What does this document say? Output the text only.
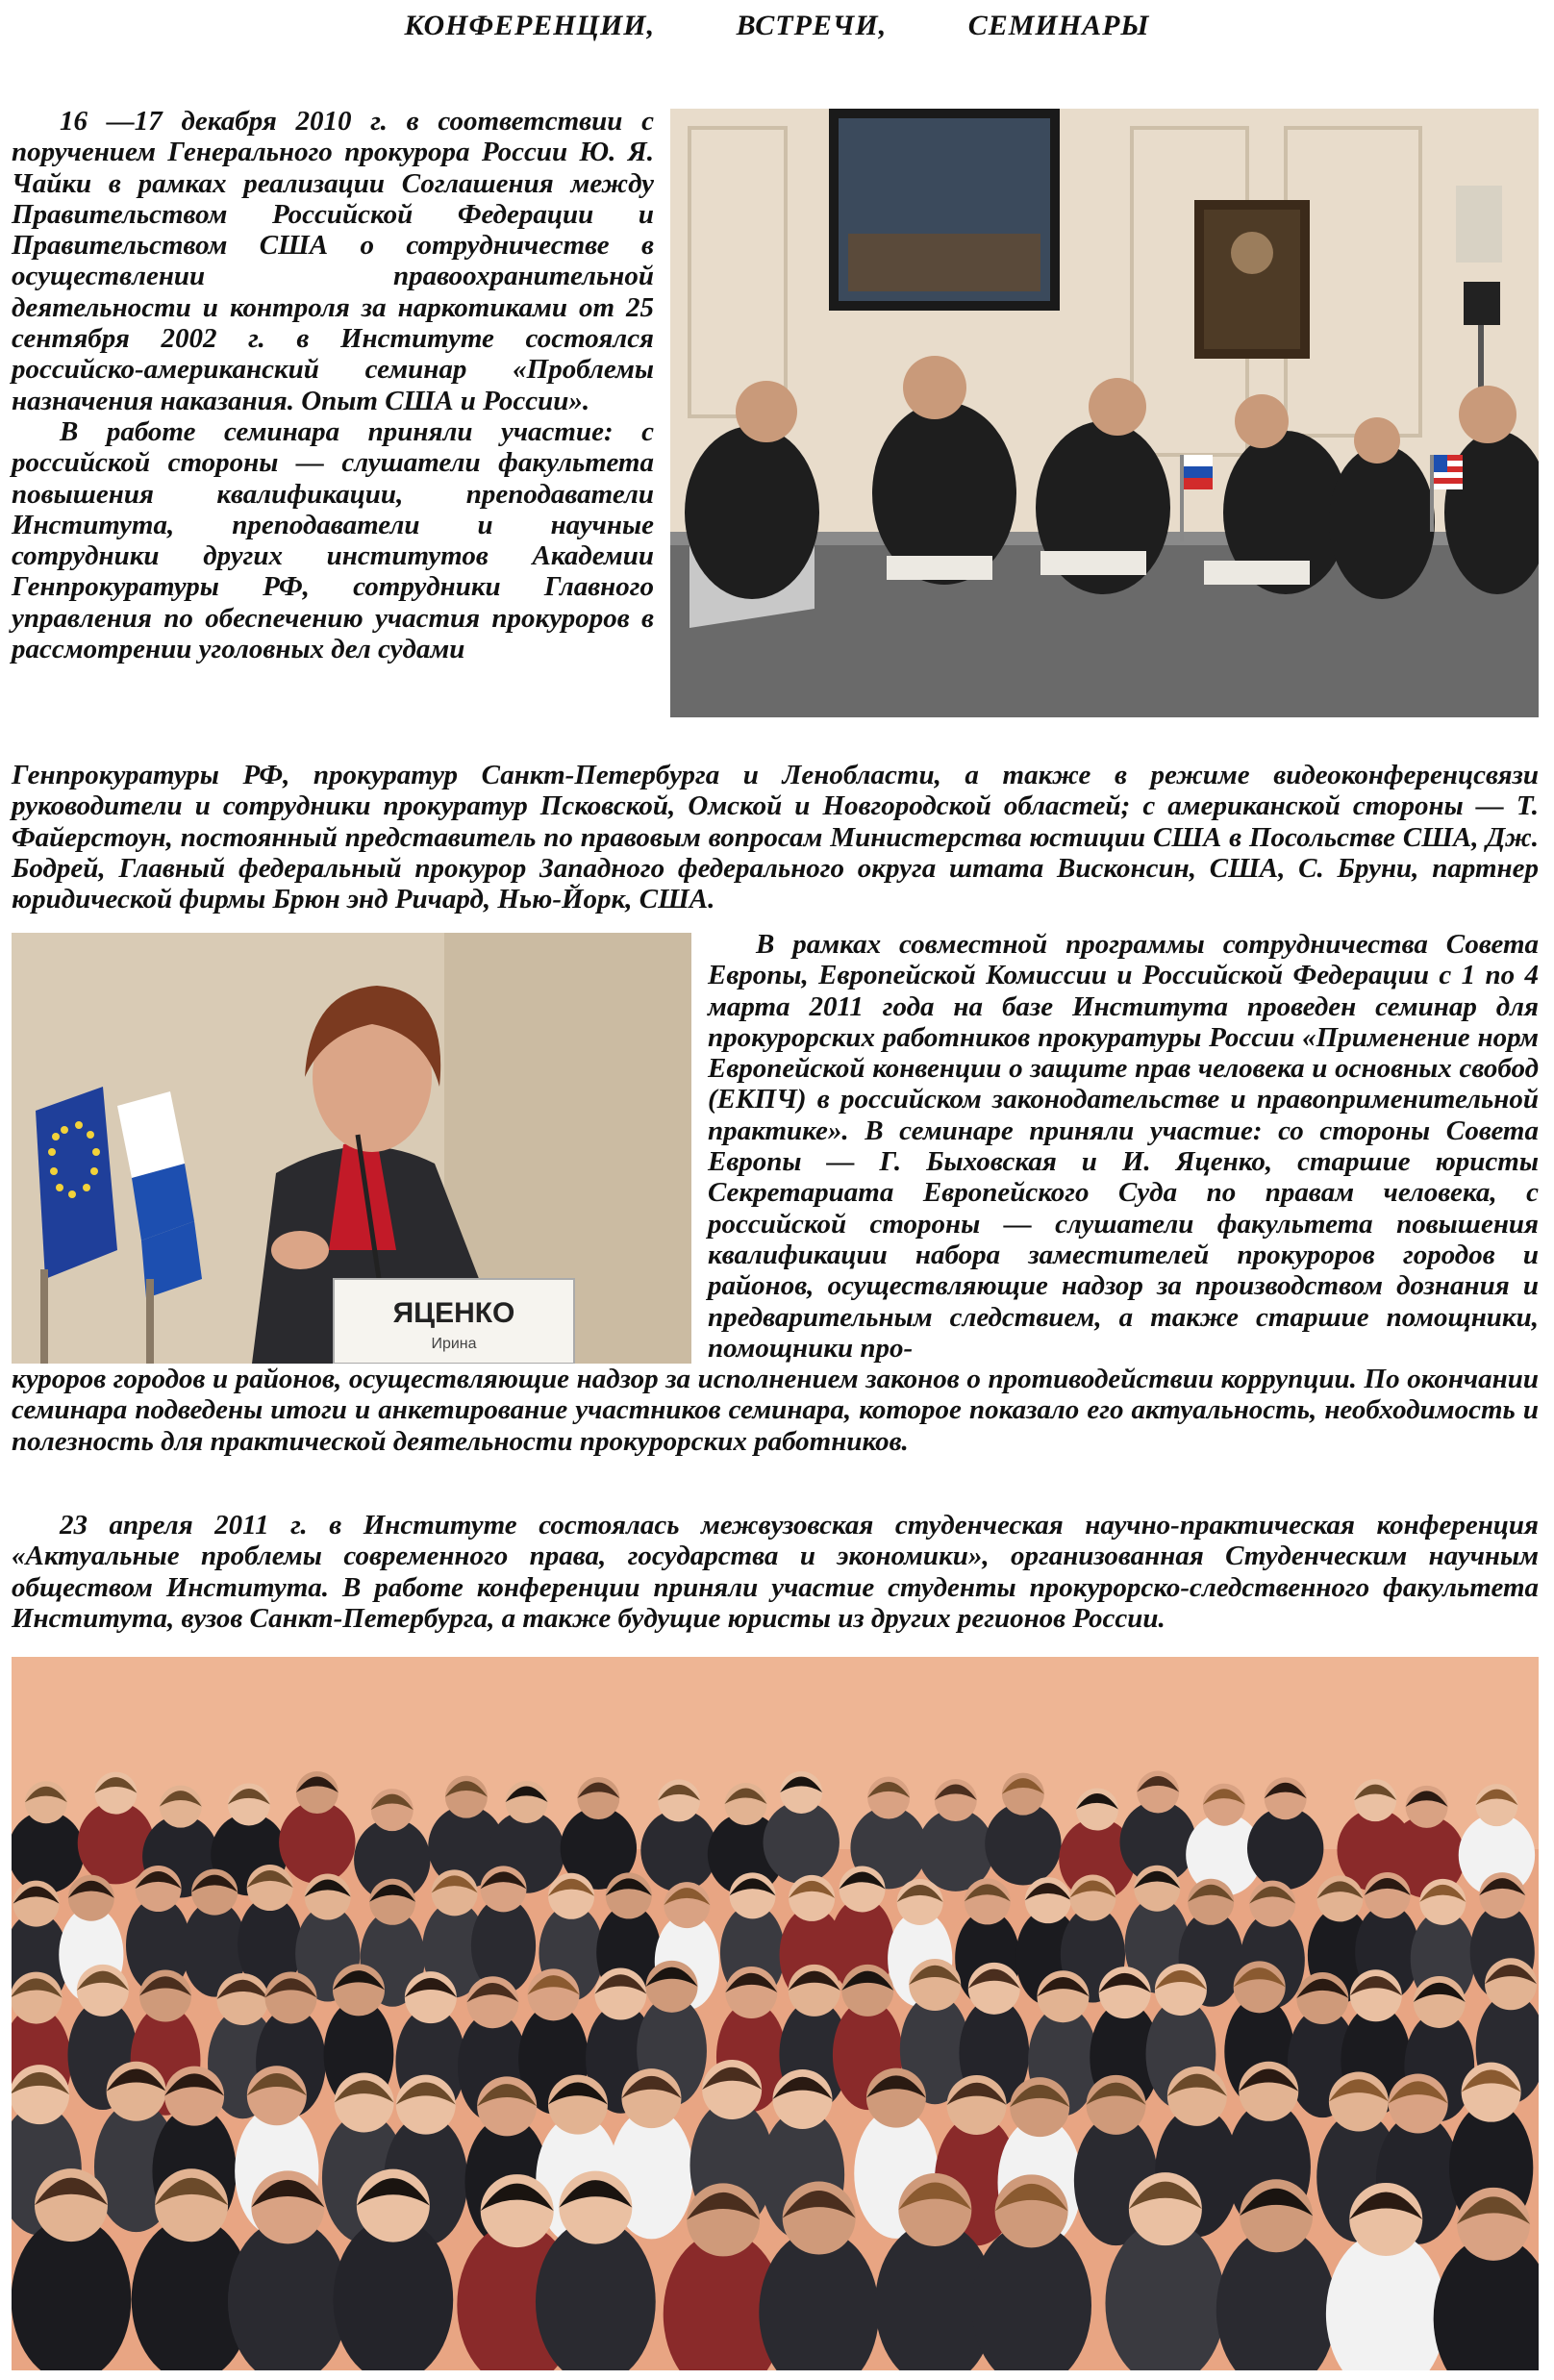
КОНФЕРЕНЦИИ,	ВСТРЕЧИ,	СЕМИНАРЫ

16 —17 декабря 2010 г. в соответствии с поручением Генерального прокурора России Ю. Я. Чайки в рамках реализации Соглашения между Правительством Российской Федерации и Правительством США о сотрудничестве в осуществлении правоохранительной деятельности и контроля за наркотиками от 25 сентября 2002 г. в Институте состоялся российско-американский семинар «Проблемы назначения наказания. Опыт США и России».

В работе семинара приняли участие: с российской стороны — слушатели факультета повышения квалификации, преподаватели Института, преподаватели и научные сотрудники других институтов Академии Генпрокуратуры РФ, сотрудники Главного управления по обеспечению участия прокуроров в рассмотрении уголовных дел судами

Генпрокуратуры РФ, прокуратур Санкт-Петербурга и Ленобласти, а также в режиме видеоконференцсвязи руководители и сотрудники прокуратур Псковской, Омской и Новгородской областей; с американской стороны — Т. Файерстоун, постоянный представитель по правовым вопросам Министерства юстиции США в Посольстве США, Дж. Бодрей, Главный федеральный прокурор Западного федерального округа штата Висконсин, США, С. Бруни, партнер юридической фирмы Брюн энд Ричард, Нью-Йорк, США.

ЯЦЕНКО
Ирина

В рамках совместной программы сотрудничества Совета Европы, Европейской Комиссии и Российской Федерации с 1 по 4 марта 2011 года на базе Института проведен семинар для прокурорских работников прокуратуры России «Применение норм Европейской конвенции о защите прав человека и основных свобод (ЕКПЧ) в российском законодательстве и правоприменительной практике». В семинаре приняли участие: со стороны Совета Европы — Г. Быховская и И. Яценко, старшие юристы Секретариата Европейского Суда по правам человека, с российской стороны — слушатели факультета повышения квалификации набора заместителей прокуроров городов и районов, осуществляющие надзор за производством дознания и предварительным следствием, а также старшие помощники, помощники про-

куроров городов и районов, осуществляющие надзор за исполнением законов о противодействии коррупции. По окончании семинара подведены итоги и анкетирование участников семинара, которое показало его актуальность, необходимость и полезность для практической деятельности прокурорских работников.

23 апреля 2011 г. в Институте состоялась межвузовская студенческая научно-практическая конференция «Актуальные проблемы современного права, государства и экономики», организованная Студенческим научным обществом Института. В работе конференции приняли участие студенты прокурорско-следственного факультета Института, вузов Санкт-Петербурга, а также будущие юристы из других регионов России.
